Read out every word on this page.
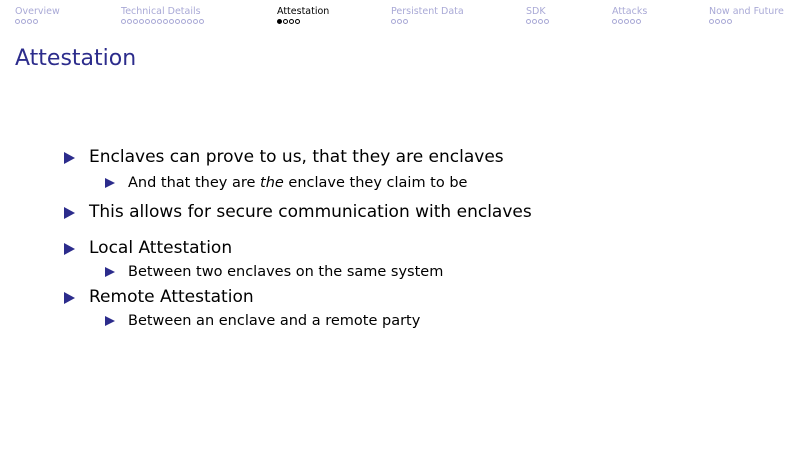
Overview	Technical Details	Attestation	Persistent Data	SDK	Attacks	Now and Future
Attestation
Enclaves can prove to us, that they are enclaves
And that they are the enclave they claim to be
This allows for secure communication with enclaves
Local Attestation
Between two enclaves on the same system
Remote Attestation
Between an enclave and a remote party
